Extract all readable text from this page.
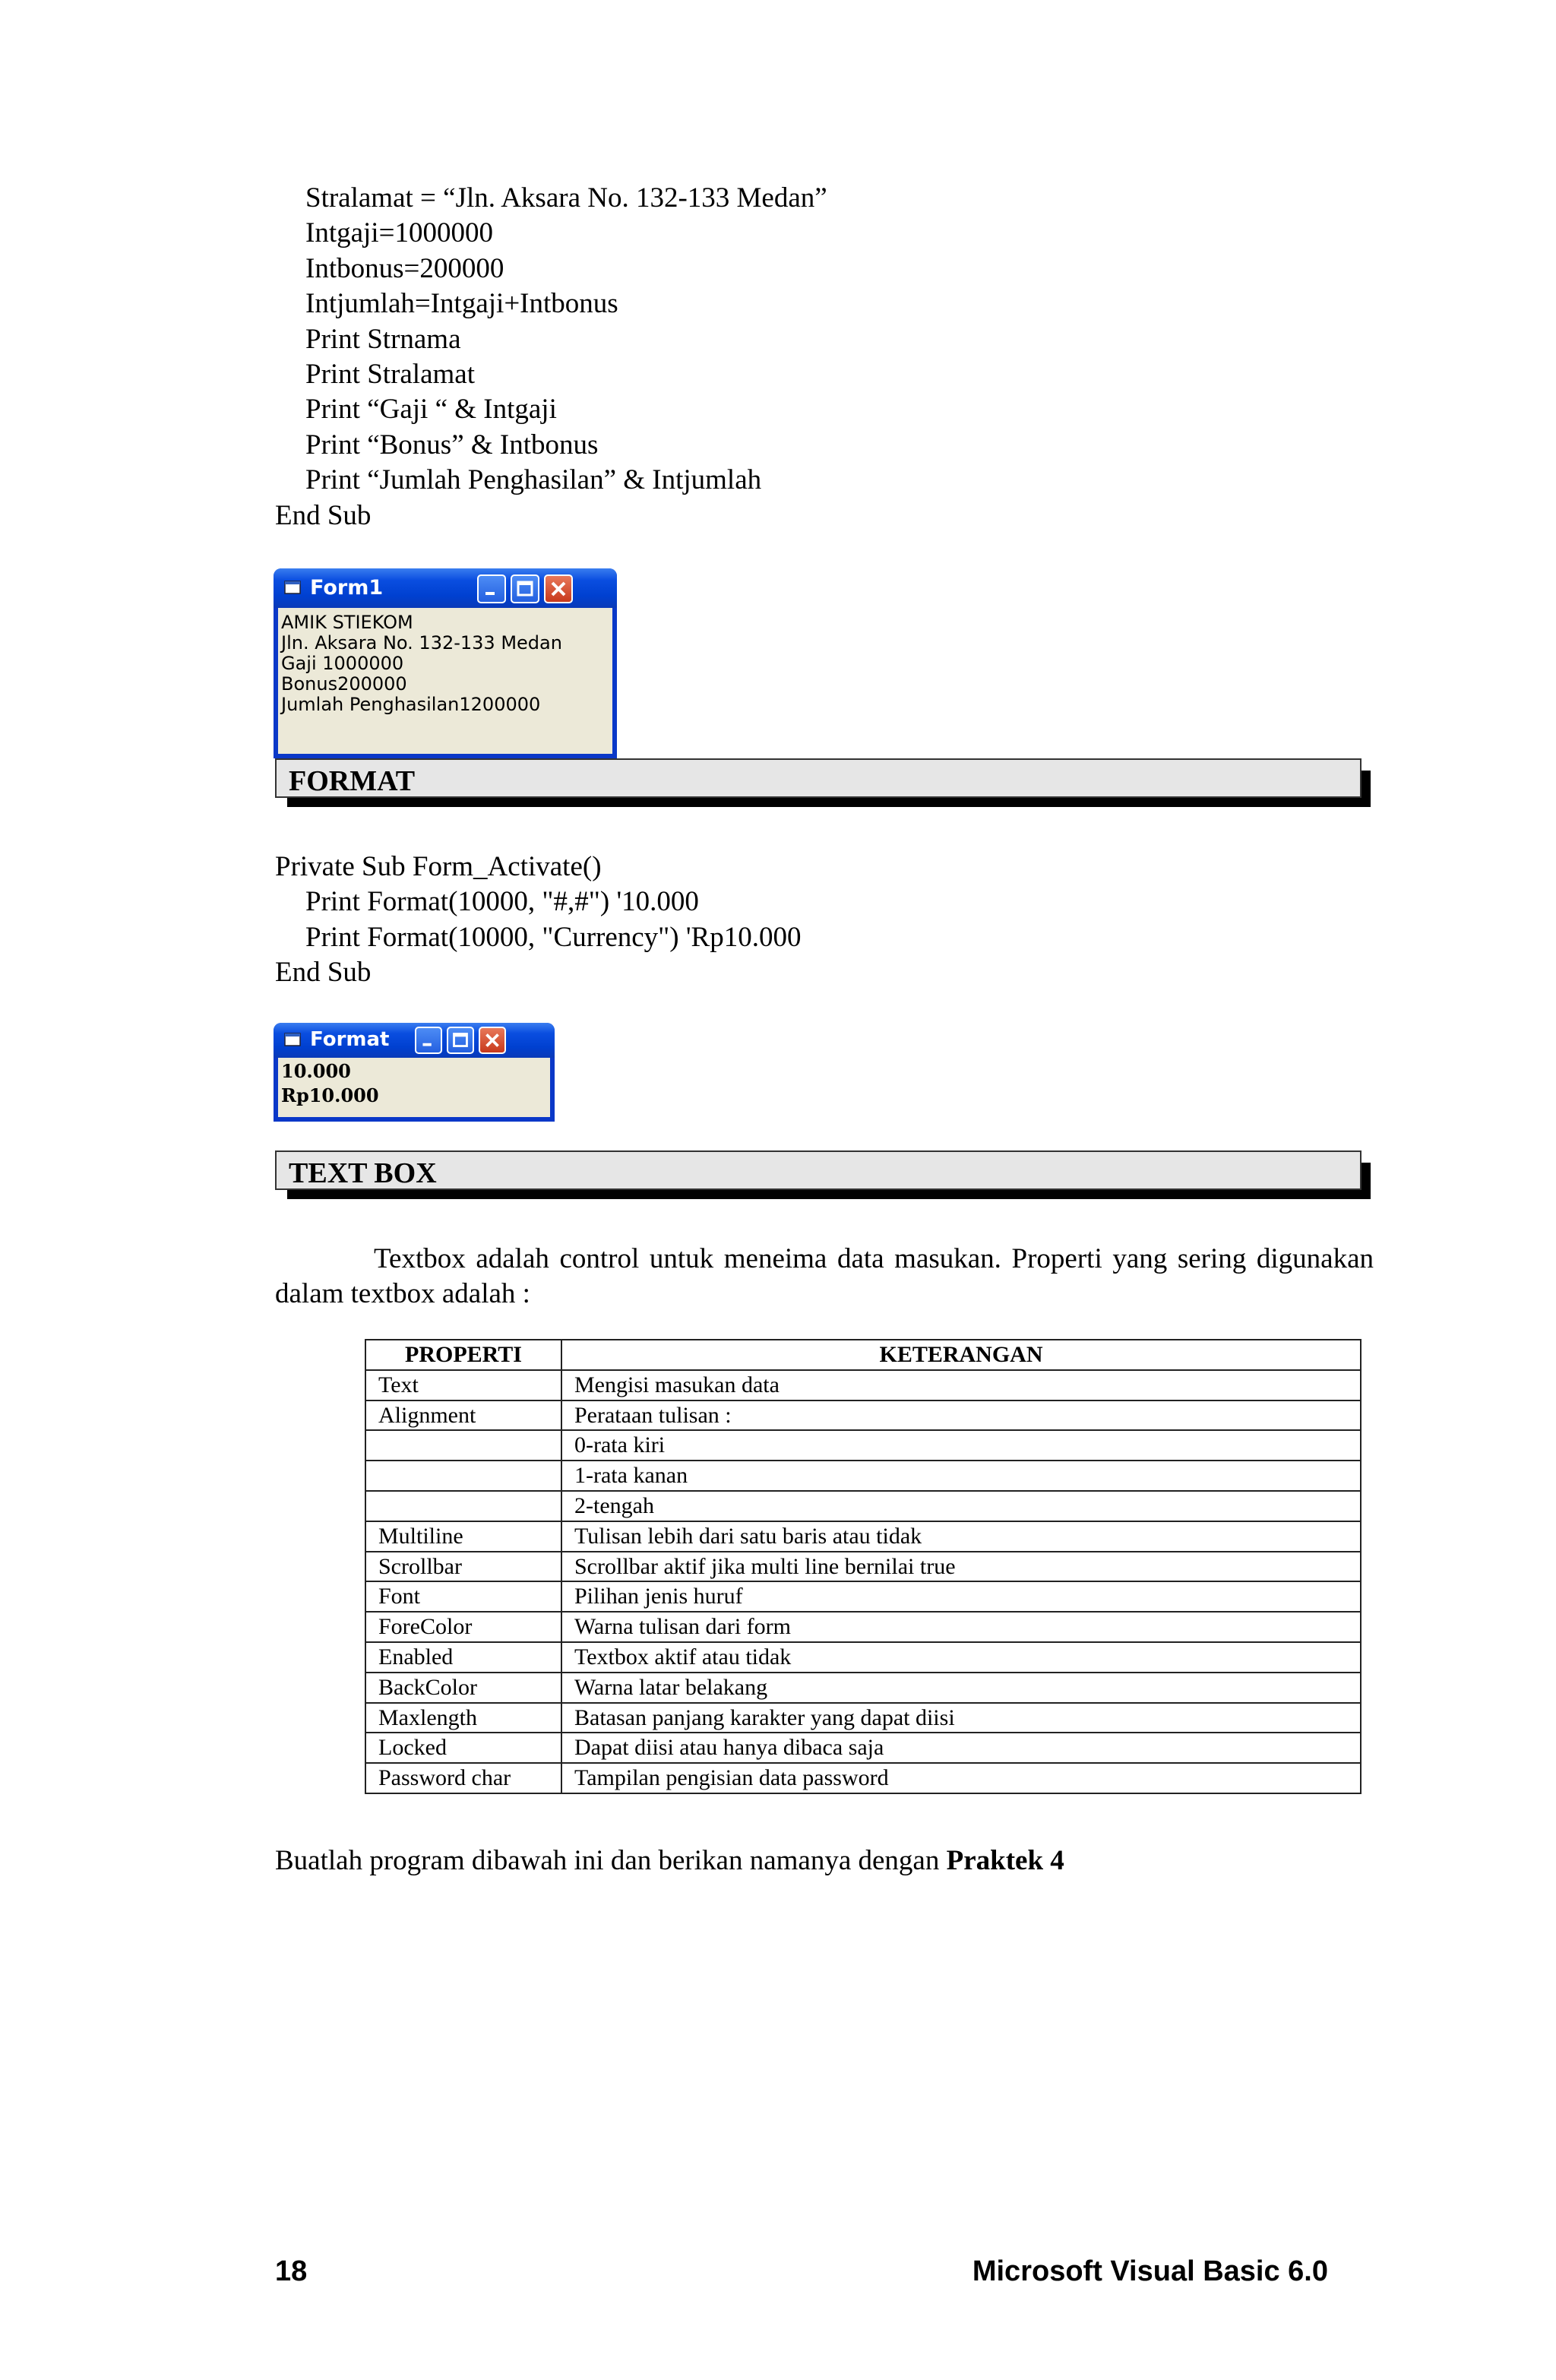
Stralamat = “Jln. Aksara No. 132-133 Medan”
Intgaji=1000000
Intbonus=200000
Intjumlah=Intgaji+Intbonus
Print Strnama
Print Stralamat
Print “Gaji “ & Intgaji
Print “Bonus” & Intbonus
Print “Jumlah Penghasilan” & Intjumlah
End Sub
Form1
AMIK STIEKOM
Jln. Aksara No. 132-133 Medan
Gaji 1000000
Bonus200000
Jumlah Penghasilan1200000
FORMAT
Private Sub Form_Activate()
Print Format(10000, "#,#") '10.000
Print Format(10000, "Currency") 'Rp10.000
End Sub
Format
10.000
Rp10.000
TEXT BOX
Textbox adalah control untuk meneima data masukan. Properti yang sering digunakan dalam textbox adalah :
PROPERTI	KETERANGAN
Text	Mengisi masukan data
Alignment	Perataan tulisan :
	0-rata kiri
	1-rata kanan
	2-tengah
Multiline	Tulisan lebih dari satu baris atau tidak
Scrollbar	Scrollbar aktif jika multi line bernilai true
Font	Pilihan jenis huruf
ForeColor	Warna tulisan dari form
Enabled	Textbox aktif atau tidak
BackColor	Warna latar belakang
Maxlength	Batasan panjang karakter yang dapat diisi
Locked	Dapat diisi atau hanya dibaca saja
Password char	Tampilan pengisian data password
Buatlah program dibawah ini dan berikan namanya dengan Praktek 4
18	Microsoft Visual Basic 6.0
